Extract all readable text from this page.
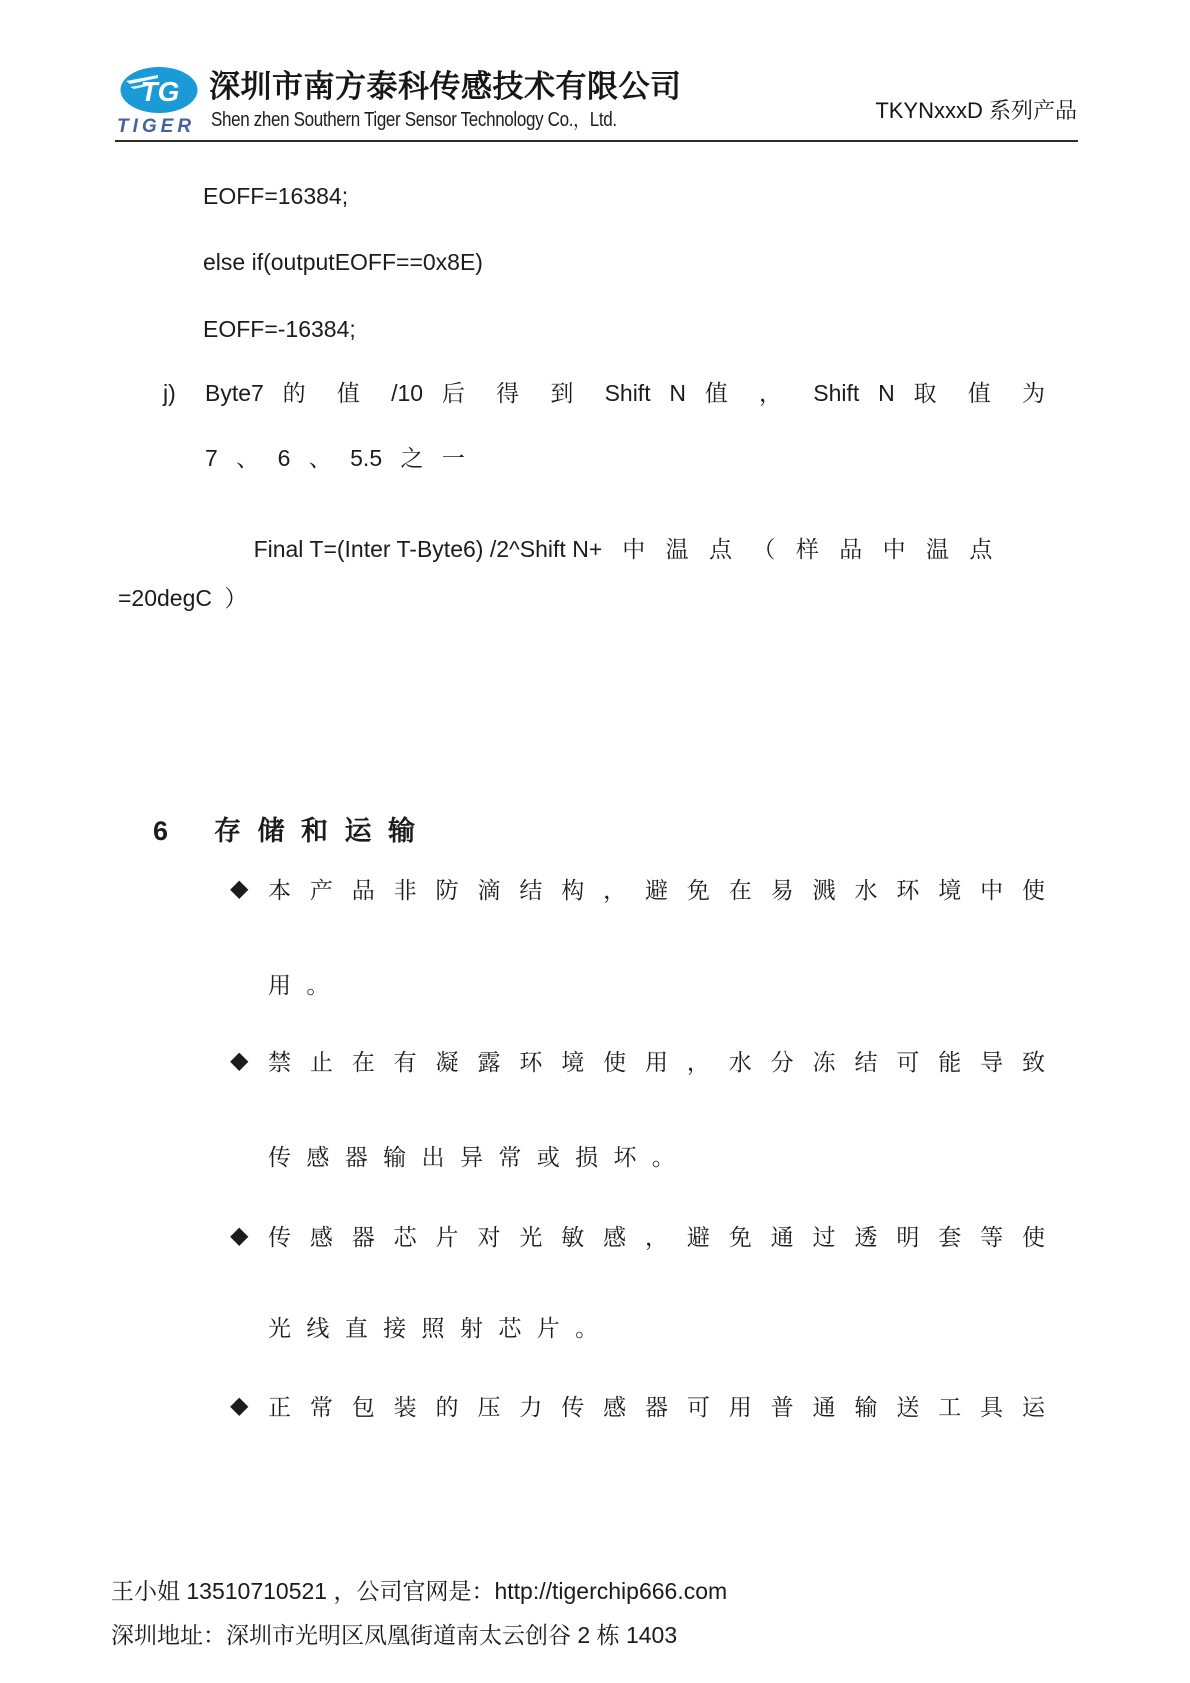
TG
TIGER
深圳市南方泰科传感技术有限公司
Shen zhen Southern Tiger Sensor Technology Co.，Ltd.	TKYNxxxD 系列产品
EOFF=16384;
else if(outputEOFF==0x8E)
EOFF=-16384;
j) Byte7 的 值 /10 后 得 到 Shift N 值 ， Shift N 取 值 为
7 、 6 、 5.5 之 一

Final T=(Inter T-Byte6) /2^Shift N+ 中 温 点 （ 样 品 中 温 点

=20degC ）

6 存 储 和 运 输

◆ 本 产 品 非 防 滴 结 构 ， 避 免 在 易 溅 水 环 境 中 使
用 。
◆ 禁 止 在 有 凝 露 环 境 使 用 ， 水 分 冻 结 可 能 导 致
传 感 器 输 出 异 常 或 损 坏 。
◆ 传 感 器 芯 片 对 光 敏 感 ， 避 免 通 过 透 明 套 等 使
光 线 直 接 照 射 芯 片 。
◆ 正 常 包 装 的 压 力 传 感 器 可 用 普 通 输 送 工 具 运
王小姐 13510710521 ，公司官网是：http://tigerchip666.com
深圳地址：深圳市光明区凤凰街道南太云创谷 2 栋 1403
